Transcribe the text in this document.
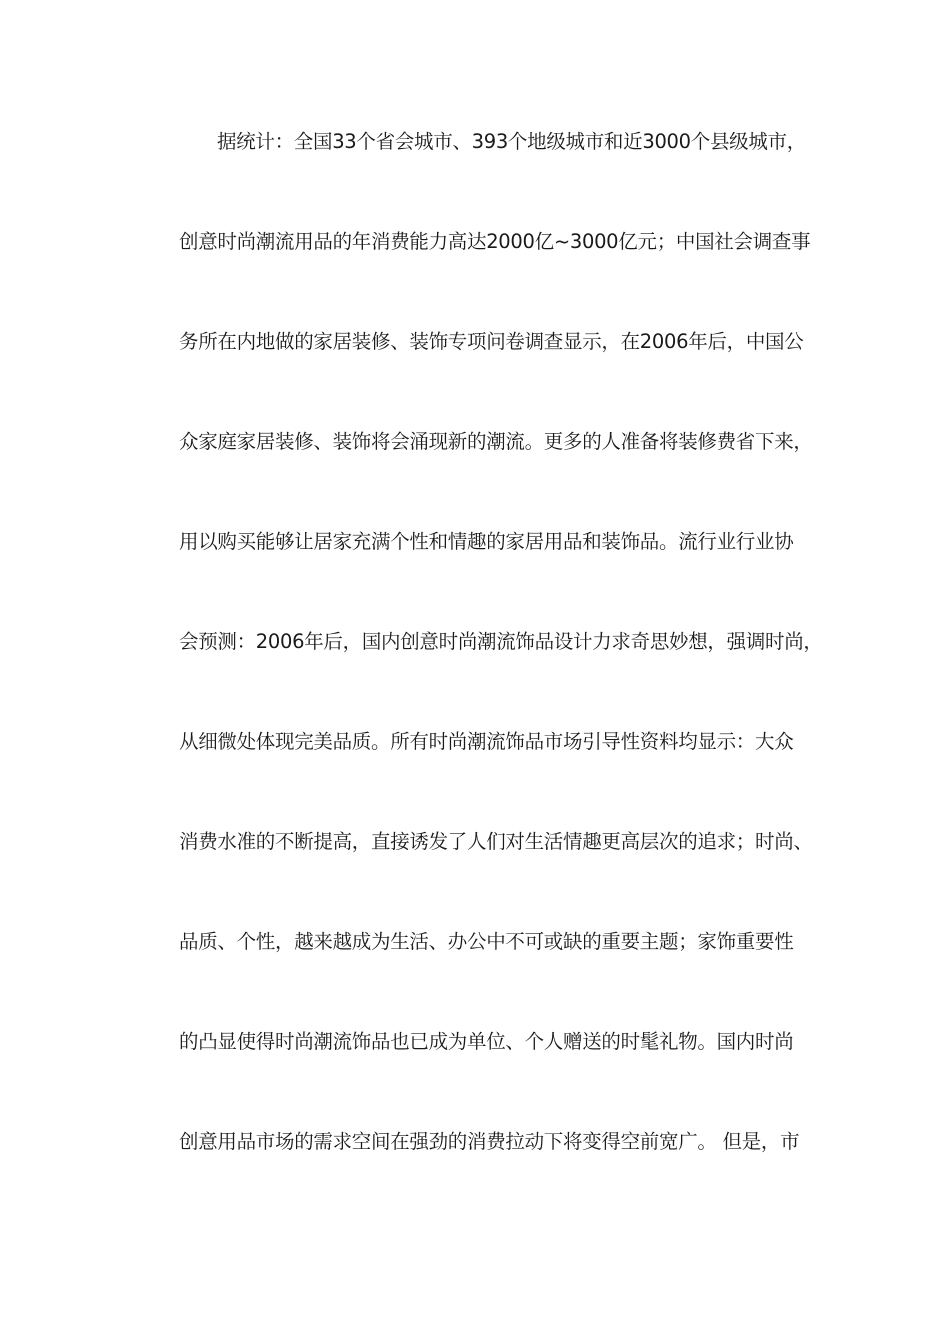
据统计：全国33个省会城市、393个地级城市和近3000个县级城市，
创意时尚潮流用品的年消费能力高达2000亿~3000亿元；中国社会调查事
务所在内地做的家居装修、装饰专项问卷调查显示，在2006年后，中国公
众家庭家居装修、装饰将会涌现新的潮流。更多的人准备将装修费省下来，
用以购买能够让居家充满个性和情趣的家居用品和装饰品。流行业行业协
会预测：2006年后，国内创意时尚潮流饰品设计力求奇思妙想，强调时尚，
从细微处体现完美品质。所有时尚潮流饰品市场引导性资料均显示：大众
消费水准的不断提高，直接诱发了人们对生活情趣更高层次的追求；时尚、
品质、个性，越来越成为生活、办公中不可或缺的重要主题；家饰重要性
的凸显使得时尚潮流饰品也已成为单位、个人赠送的时髦礼物。国内时尚
创意用品市场的需求空间在强劲的消费拉动下将变得空前宽广。 但是，市
